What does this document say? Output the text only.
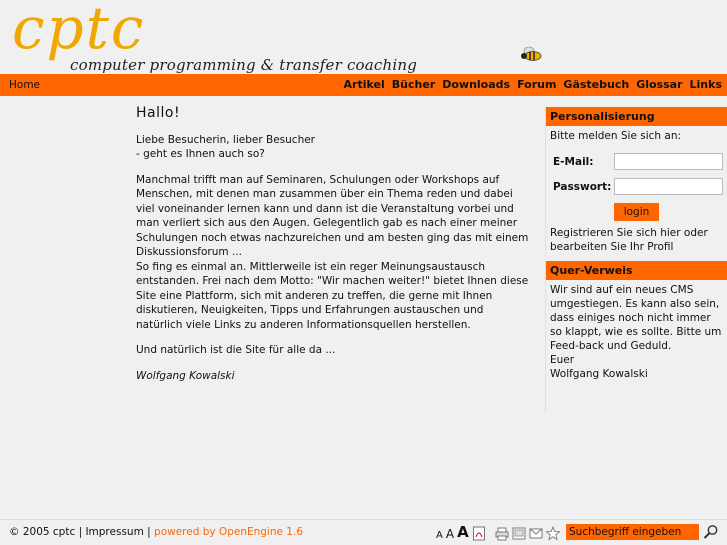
cptc
computer programming & transfer coaching
Home	Artikel Bücher Downloads Forum Gästebuch Glossar Links
Hallo!

Liebe Besucherin, lieber Besucher
- geht es Ihnen auch so?

Manchmal trifft man auf Seminaren, Schulungen oder Workshops auf Menschen, mit denen man zusammen über ein Thema reden und dabei viel voneinander lernen kann und dann ist die Veranstaltung vorbei und man verliert sich aus den Augen. Gelegentlich gab es nach einer meiner Schulungen noch etwas nachzureichen und am besten ging das mit einem Diskussionsforum ...
So fing es einmal an. Mittlerweile ist ein reger Meinungsaustausch entstanden. Frei nach dem Motto: "Wir machen weiter!" bietet Ihnen diese Site eine Plattform, sich mit anderen zu treffen, die gerne mit Ihnen diskutieren, Neuigkeiten, Tipps und Erfahrungen austauschen und natürlich viele Links zu anderen Informationsquellen herstellen.

Und natürlich ist die Site für alle da ...

Wolfgang Kowalski

Personalisierung
Bitte melden Sie sich an:
E-Mail:
Passwort:
login
Registrieren Sie sich hier oder bearbeiten Sie Ihr Profil
Quer-Verweis
Wir sind auf ein neues CMS umgestiegen. Es kann also sein, dass einiges noch nicht immer so klappt, wie es sollte. Bitte um Feed-back und Geduld.
Euer
Wolfgang Kowalski
© 2005 cptc | Impressum | powered by OpenEngine 1.6	A A A
Suchbegriff eingeben
